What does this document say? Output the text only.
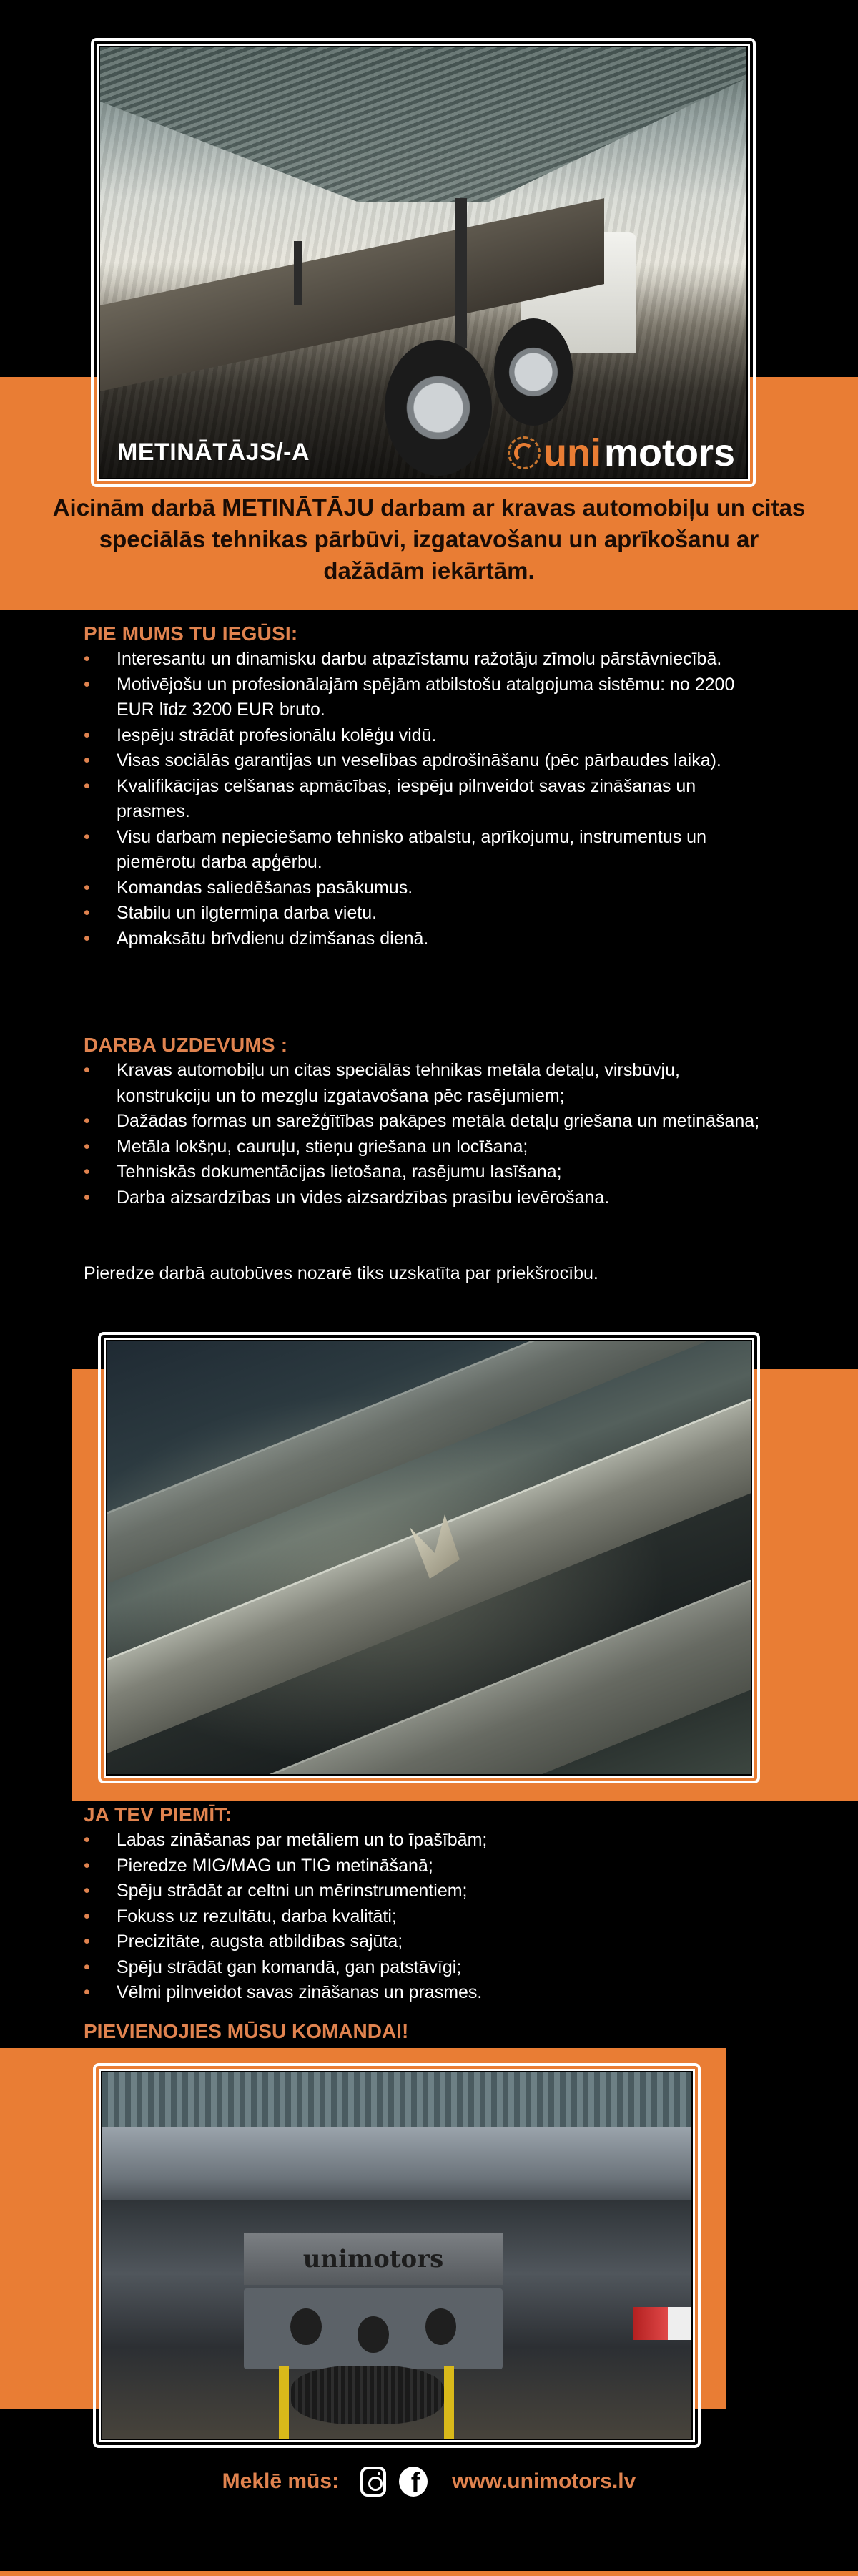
METINĀTĀJS/-A	uni motors
Aicinām darbā METINĀTĀJU darbam ar kravas automobiļu un citas speciālās tehnikas pārbūvi, izgatavošanu un aprīkošanu ar dažādām iekārtām.
PIE MUMS TU IEGŪSI:
• Interesantu un dinamisku darbu atpazīstamu ražotāju zīmolu pārstāvniecībā.
• Motivējošu un profesionālajām spējām atbilstošu atalgojuma sistēmu: no 2200 EUR līdz 3200 EUR bruto.
• Iespēju strādāt profesionālu kolēģu vidū.
• Visas sociālās garantijas un veselības apdrošināšanu (pēc pārbaudes laika).
• Kvalifikācijas celšanas apmācības, iespēju pilnveidot savas zināšanas un prasmes.
• Visu darbam nepieciešamo tehnisko atbalstu, aprīkojumu, instrumentus un piemērotu darba apģērbu.
• Komandas saliedēšanas pasākumus.
• Stabilu un ilgtermiņa darba vietu.
• Apmaksātu brīvdienu dzimšanas dienā.
DARBA UZDEVUMS :
• Kravas automobiļu un citas speciālās tehnikas metāla detaļu, virsbūvju, konstrukciju un to mezglu izgatavošana pēc rasējumiem;
• Dažādas formas un sarežģītības pakāpes metāla detaļu griešana un metināšana;
• Metāla lokšņu, cauruļu, stieņu griešana un locīšana;
• Tehniskās dokumentācijas lietošana, rasējumu lasīšana;
• Darba aizsardzības un vides aizsardzības prasību ievērošana.
Pieredze darbā autobūves nozarē tiks uzskatīta par priekšrocību.
JA TEV PIEMĪT:
• Labas zināšanas par metāliem un to īpašībām;
• Pieredze MIG/MAG un TIG metināšanā;
• Spēju strādāt ar celtni un mērinstrumentiem;
• Fokuss uz rezultātu, darba kvalitāti;
• Precizitāte, augsta atbildības sajūta;
• Spēju strādāt gan komandā, gan patstāvīgi;
• Vēlmi pilnveidot savas zināšanas un prasmes.
PIEVIENOJIES MŪSU KOMANDAI!
unimotors
Meklē mūs:	f www.unimotors.lv
